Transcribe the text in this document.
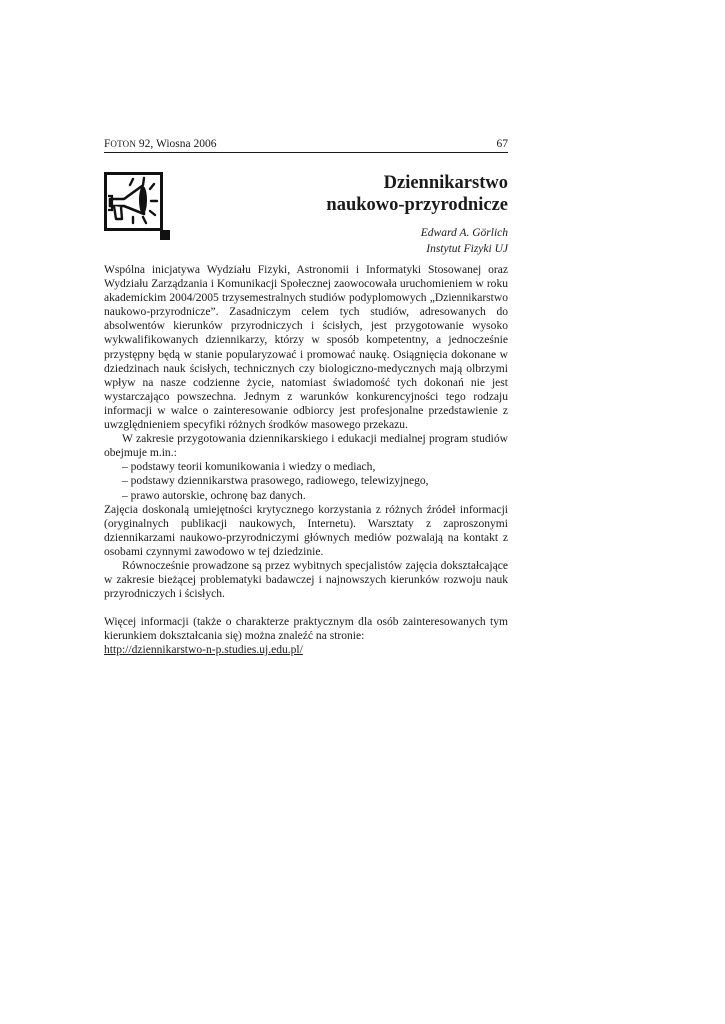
FOTON 92, Wiosna 2006	67
Dziennikarstwo
naukowo-przyrodnicze
Edward A. Görlich
Instytut Fizyki UJ

Wspólna inicjatywa Wydziału Fizyki, Astronomii i Informatyki Stosowanej oraz Wydziału Zarządzania i Komunikacji Społecznej zaowocowała uruchomieniem w roku akademickim 2004/2005 trzysemestralnych studiów podyplomowych „Dziennikarstwo naukowo-przyrodnicze”. Zasadniczym celem tych studiów, adresowanych do absolwentów kierunków przyrodniczych i ścisłych, jest przygotowanie wysoko wykwalifikowanych dziennikarzy, którzy w sposób kompetentny, a jednocześnie przystępny będą w stanie popularyzować i promować naukę. Osiągnięcia dokonane w dziedzinach nauk ścisłych, technicznych czy biologiczno-medycznych mają olbrzymi wpływ na nasze codzienne życie, natomiast świadomość tych dokonań nie jest wystarczająco powszechna. Jednym z warunków konkurencyjności tego rodzaju informacji w walce o zainteresowanie odbiorcy jest profesjonalne przedstawienie z uwzględnieniem specyfiki różnych środków masowego przekazu.

W zakresie przygotowania dziennikarskiego i edukacji medialnej program studiów obejmuje m.in.:

– podstawy teorii komunikowania i wiedzy o mediach,
– podstawy dziennikarstwa prasowego, radiowego, telewizyjnego,
– prawo autorskie, ochronę baz danych.

Zajęcia doskonalą umiejętności krytycznego korzystania z różnych źródeł informacji (oryginalnych publikacji naukowych, Internetu). Warsztaty z zaproszonymi dziennikarzami naukowo-przyrodniczymi głównych mediów pozwalają na kontakt z osobami czynnymi zawodowo w tej dziedzinie.

Równocześnie prowadzone są przez wybitnych specjalistów zajęcia dokształcające w zakresie bieżącej problematyki badawczej i najnowszych kierunków rozwoju nauk przyrodniczych i ścisłych.

Więcej informacji (także o charakterze praktycznym dla osób zainteresowanych tym kierunkiem dokształcania się) można znaleźć na stronie:

http://dziennikarstwo-n-p.studies.uj.edu.pl/
